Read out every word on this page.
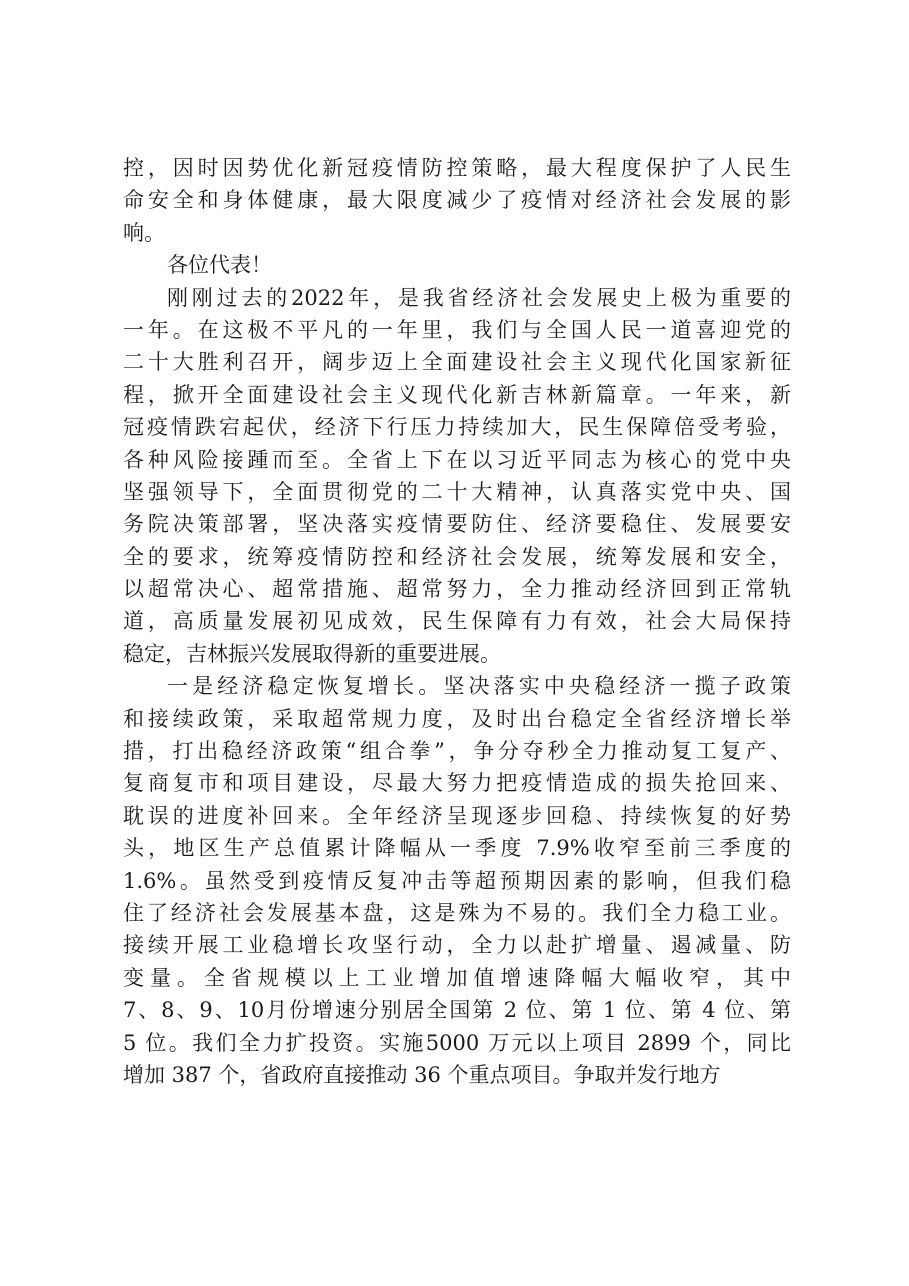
控，因时因势优化新冠疫情防控策略，最大程度保护了人民生
命安全和身体健康，最大限度减少了疫情对经济社会发展的影
响。
各位代表！
刚刚过去的2022年，是我省经济社会发展史上极为重要的
一年。在这极不平凡的一年里，我们与全国人民一道喜迎党的
二十大胜利召开，阔步迈上全面建设社会主义现代化国家新征
程，掀开全面建设社会主义现代化新吉林新篇章。一年来，新
冠疫情跌宕起伏，经济下行压力持续加大，民生保障倍受考验，
各种风险接踵而至。全省上下在以习近平同志为核心的党中央
坚强领导下，全面贯彻党的二十大精神，认真落实党中央、国
务院决策部署，坚决落实疫情要防住、经济要稳住、发展要安
全的要求，统筹疫情防控和经济社会发展，统筹发展和安全，
以超常决心、超常措施、超常努力，全力推动经济回到正常轨
道，高质量发展初见成效，民生保障有力有效，社会大局保持
稳定，吉林振兴发展取得新的重要进展。
一是经济稳定恢复增长。坚决落实中央稳经济一揽子政策
和接续政策，采取超常规力度，及时出台稳定全省经济增长举
措，打出稳经济政策“组合拳”，争分夺秒全力推动复工复产、
复商复市和项目建设，尽最大努力把疫情造成的损失抢回来、
耽误的进度补回来。全年经济呈现逐步回稳、持续恢复的好势
头，地区生产总值累计降幅从一季度 7.9%收窄至前三季度的
1.6%。虽然受到疫情反复冲击等超预期因素的影响，但我们稳
住了经济社会发展基本盘，这是殊为不易的。我们全力稳工业。
接续开展工业稳增长攻坚行动，全力以赴扩增量、遏减量、防
变量。全省规模以上工业增加值增速降幅大幅收窄，其中
7、8、9、10月份增速分别居全国第 2 位、第 1 位、第 4 位、第
5 位。我们全力扩投资。实施5000 万元以上项目 2899 个，同比
增加 387 个，省政府直接推动 36 个重点项目。争取并发行地方
